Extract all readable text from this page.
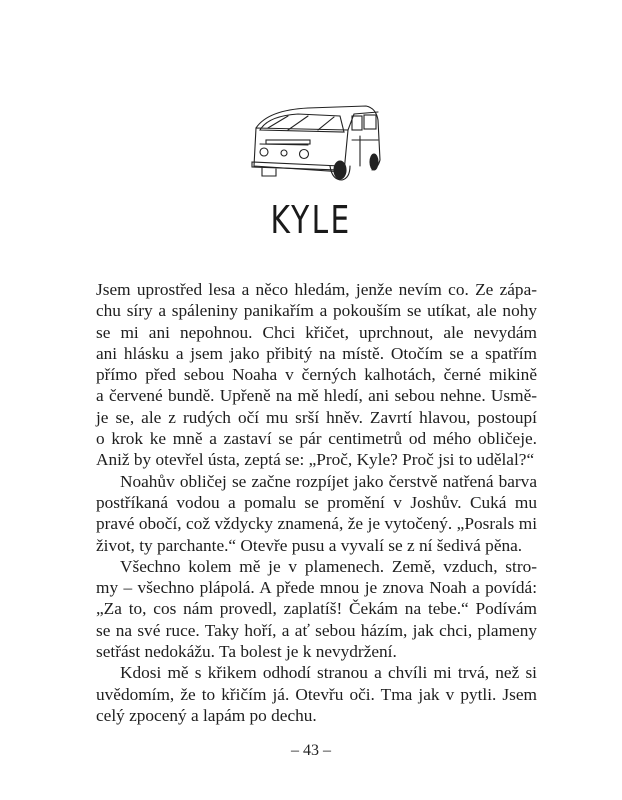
KYLE
Jsem uprostřed lesa a něco hledám, jenže nevím co. Ze zápa-
chu síry a spáleniny panikařím a pokouším se utíkat, ale nohy
se mi ani nepohnou. Chci křičet, uprchnout, ale nevydám
ani hlásku a jsem jako přibitý na místě. Otočím se a spatřím
přímo před sebou Noaha v černých kalhotách, černé mikině
a červené bundě. Upřeně na mě hledí, ani sebou nehne. Usmě-
je se, ale z rudých očí mu srší hněv. Zavrtí hlavou, postoupí
o krok ke mně a zastaví se pár centimetrů od mého obličeje.
Aniž by otevřel ústa, zeptá se: „Proč, Kyle? Proč jsi to udělal?“
Noahův obličej se začne rozpíjet jako čerstvě natřená barva
postříkaná vodou a pomalu se promění v Joshův. Cuká mu
pravé obočí, což vždycky znamená, že je vytočený. „Posrals mi
život, ty parchante.“ Otevře pusu a vyvalí se z ní šedivá pěna.
Všechno kolem mě je v plamenech. Země, vzduch, stro-
my – všechno plápolá. A přede mnou je znova Noah a povídá:
„Za to, cos nám provedl, zaplatíš! Čekám na tebe.“ Podívám
se na své ruce. Taky hoří, a ať sebou házím, jak chci, plameny
setřást nedokážu. Ta bolest je k nevydržení.
Kdosi mě s křikem odhodí stranou a chvíli mi trvá, než si
uvědomím, že to křičím já. Otevřu oči. Tma jak v pytli. Jsem
celý zpocený a lapám po dechu.
– 43 –
